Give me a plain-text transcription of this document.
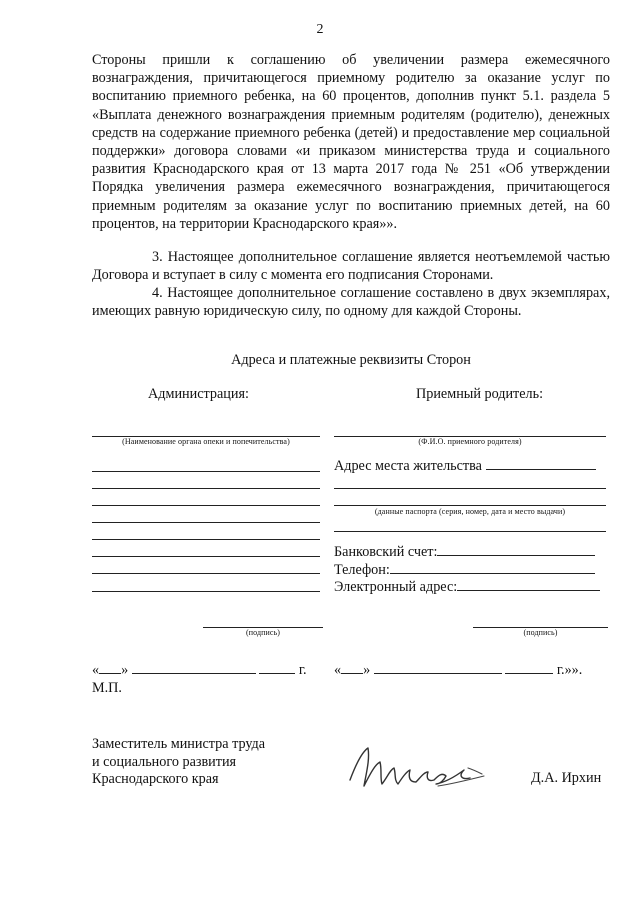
2
Стороны пришли к соглашению об увеличении размера ежемесячного вознаграждения, причитающегося приемному родителю за оказание услуг по воспитанию приемного ребенка, на 60 процентов, дополнив пункт 5.1. раздела 5 «Выплата денежного вознаграждения приемным родителям (родителю), денежных средств на содержание приемного ребенка (детей) и предоставление мер социальной поддержки» договора словами «и приказом министерства труда и социального развития Краснодарского края от 13 марта 2017 года № 251 «Об утверждении Порядка увеличения размера ежемесячного вознаграждения, причитающегося приемным родителям за оказание услуг по воспитанию приемных детей, на 60 процентов, на территории Краснодарского края»».
3. Настоящее дополнительное соглашение является неотъемлемой частью Договора и вступает в силу с момента его подписания Сторонами.
4. Настоящее дополнительное соглашение составлено в двух экземплярах, имеющих равную юридическую силу, по одному для каждой Стороны.
Адреса и платежные реквизиты Сторон
Администрация:
(Наименование органа опеки и попечительства)
(подпись)
« »	г.
М.П.
Приемный родитель:
(Ф.И.О. приемного родителя)
Адрес места жительства
(данные паспорта (серия, номер, дата и место выдачи)
Банковский счет:
Телефон:
Электронный адрес:
(подпись)
« »	г.»».
Заместитель министра труда
и социального развития
Краснодарского края	Д.А. Ирхин
